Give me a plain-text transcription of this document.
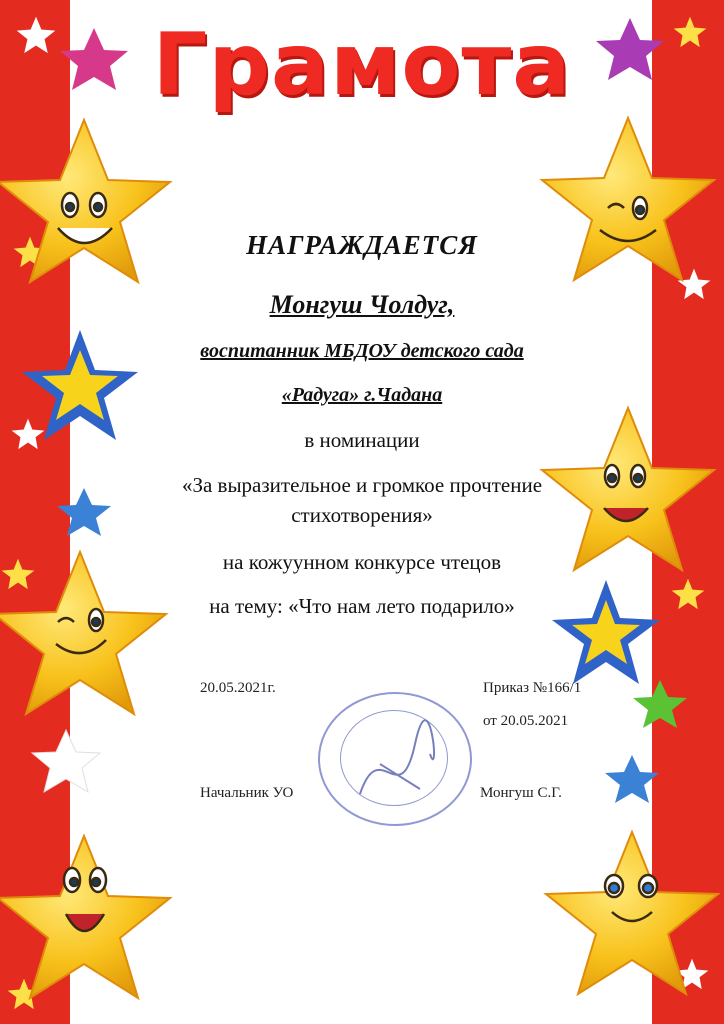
Грамота
НАГРАЖДАЕТСЯ
Монгуш Чолдуг,
воспитанник МБДОУ детского сада
«Радуга» г.Чадана
в номинации
«За выразительное и громкое прочтение
стихотворения»
на кожуунном конкурсе чтецов
на тему: «Что нам лето подарило»
20.05.2021г.	Приказ №166/1
от 20.05.2021
Начальник УО	Монгуш С.Г.
